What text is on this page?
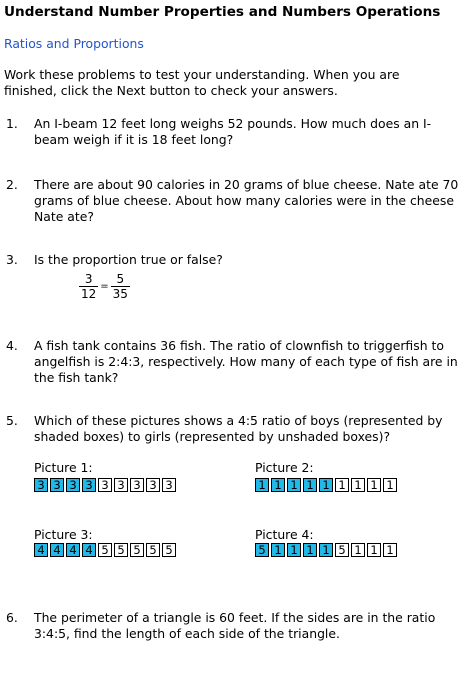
Understand Number Properties and Numbers Operations
Ratios and Proportions
Work these problems to test your understanding. When you are finished, click the Next button to check your answers.
1. An I-beam 12 feet long weighs 52 pounds. How much does an I-beam weigh if it is 18 feet long?
2. There are about 90 calories in 20 grams of blue cheese. Nate ate 70 grams of blue cheese. About how many calories were in the cheese Nate ate?
3. Is the proportion true or false?
$\frac{3}{12} = \frac{5}{35}$
4. A fish tank contains 36 fish. The ratio of clownfish to triggerfish to angelfish is 2:4:3, respectively. How many of each type of fish are in the fish tank?
5. Which of these pictures shows a 4:5 ratio of boys (represented by shaded boxes) to girls (represented by unshaded boxes)?
Picture 1:
3 3 3 3 3 3 3 3 3
Picture 2:
1 1 1 1 1 1 1 1 1
Picture 3:
4 4 4 4 5 5 5 5 5
Picture 4:
5 1 1 1 1 5 1 1 1
6. The perimeter of a triangle is 60 feet. If the sides are in the ratio 3:4:5, find the length of each side of the triangle.
